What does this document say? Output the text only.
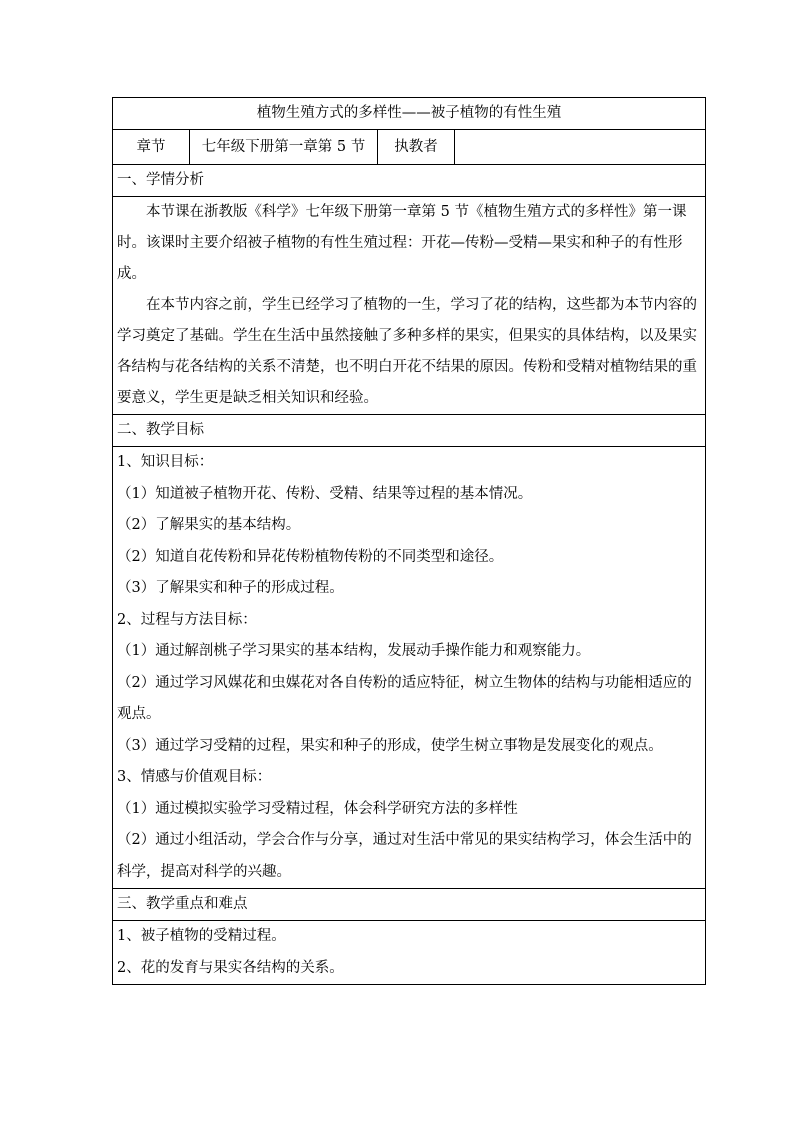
植物生殖方式的多样性——被子植物的有性生殖
章节	七年级下册第一章第 5 节	执教者	
一、学情分析

本节课在浙教版《科学》七年级下册第一章第 5 节《植物生殖方式的多样性》第一课时。该课时主要介绍被子植物的有性生殖过程：开花—传粉—受精—果实和种子的有性形成。

在本节内容之前，学生已经学习了植物的一生，学习了花的结构，这些都为本节内容的学习奠定了基础。学生在生活中虽然接触了多种多样的果实，但果实的具体结构，以及果实各结构与花各结构的关系不清楚，也不明白开花不结果的原因。传粉和受精对植物结果的重要意义，学生更是缺乏相关知识和经验。

二、教学目标

1、知识目标：

（1）知道被子植物开花、传粉、受精、结果等过程的基本情况。

（2）了解果实的基本结构。

（2）知道自花传粉和异花传粉植物传粉的不同类型和途径。

（3）了解果实和种子的形成过程。

2、过程与方法目标：

（1）通过解剖桃子学习果实的基本结构，发展动手操作能力和观察能力。

（2）通过学习风媒花和虫媒花对各自传粉的适应特征，树立生物体的结构与功能相适应的观点。

（3）通过学习受精的过程，果实和种子的形成，使学生树立事物是发展变化的观点。

3、情感与价值观目标：

（1）通过模拟实验学习受精过程，体会科学研究方法的多样性

（2）通过小组活动，学会合作与分享，通过对生活中常见的果实结构学习，体会生活中的科学，提高对科学的兴趣。

三、教学重点和难点

1、被子植物的受精过程。

2、花的发育与果实各结构的关系。
